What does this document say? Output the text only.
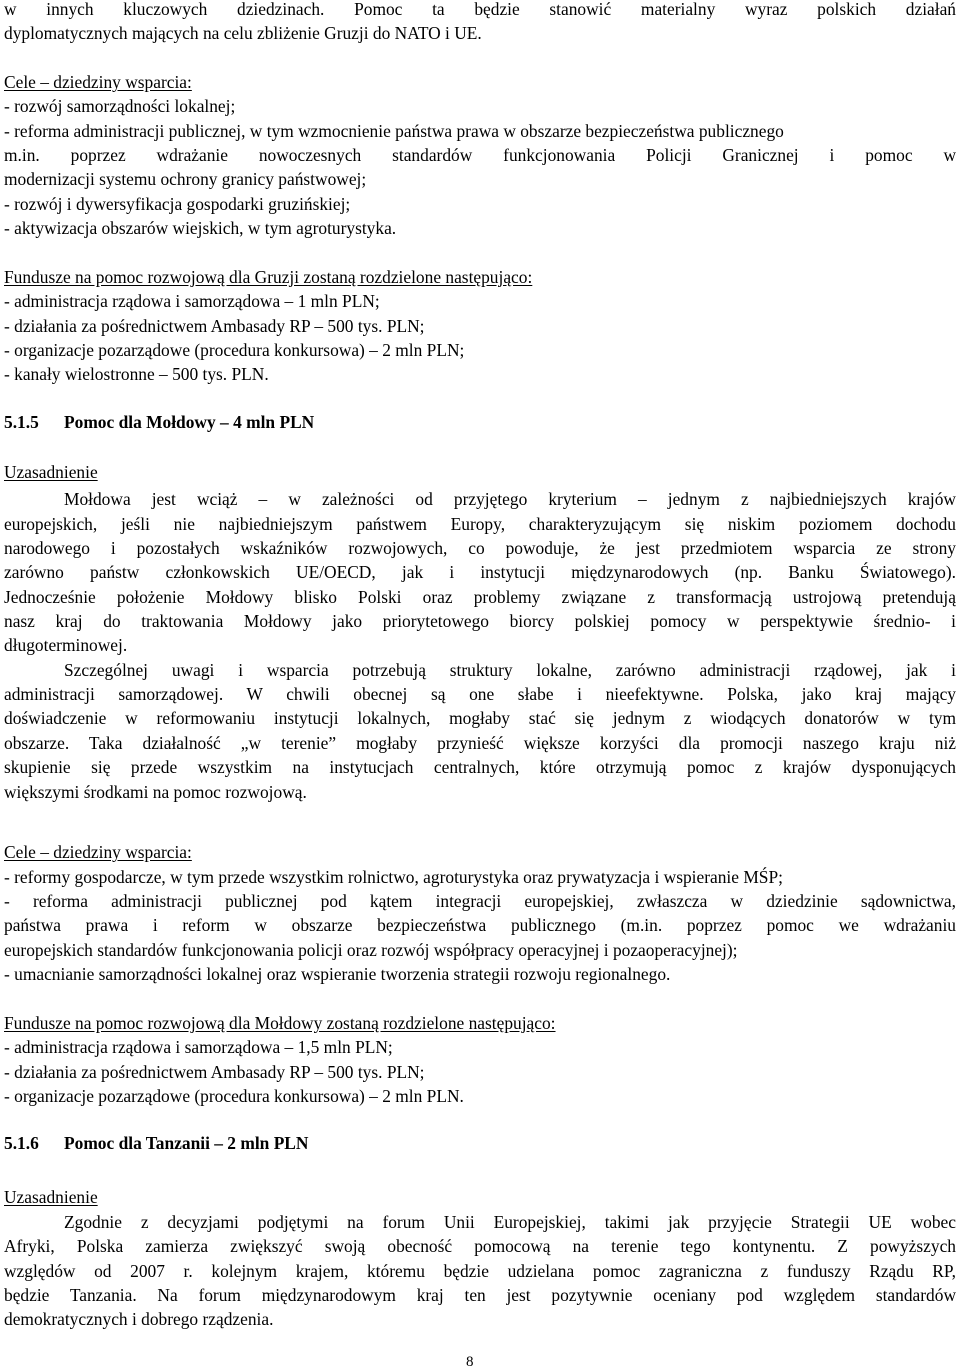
w innych kluczowych dziedzinach. Pomoc ta będzie stanowić materialny wyraz polskich działań
dyplomatycznych mających na celu zbliżenie Gruzji do NATO i UE.
Cele – dziedziny wsparcia:
- rozwój samorządności lokalnej;
- reforma administracji publicznej, w tym wzmocnienie państwa prawa w obszarze bezpieczeństwa publicznego
m.in. poprzez wdrażanie nowoczesnych standardów funkcjonowania Policji Granicznej i pomoc w
modernizacji systemu ochrony granicy państwowej;
- rozwój i dywersyfikacja gospodarki gruzińskiej;
- aktywizacja obszarów wiejskich, w tym agroturystyka.
Fundusze na pomoc rozwojową dla Gruzji zostaną rozdzielone następująco:
- administracja rządowa i samorządowa – 1 mln PLN;
- działania za pośrednictwem Ambasady RP – 500 tys. PLN;
- organizacje pozarządowe (procedura konkursowa) – 2 mln PLN;
- kanały wielostronne – 500 tys. PLN.
5.1.5 Pomoc dla Mołdowy – 4 mln PLN
Uzasadnienie
Mołdowa jest wciąż – w zależności od przyjętego kryterium – jednym z najbiedniejszych krajów
europejskich, jeśli nie najbiedniejszym państwem Europy, charakteryzującym się niskim poziomem dochodu
narodowego i pozostałych wskaźników rozwojowych, co powoduje, że jest przedmiotem wsparcia ze strony
zarówno państw członkowskich UE/OECD, jak i instytucji międzynarodowych (np. Banku Światowego).
Jednocześnie położenie Mołdowy blisko Polski oraz problemy związane z transformacją ustrojową pretendują
nasz kraj do traktowania Mołdowy jako priorytetowego biorcy polskiej pomocy w perspektywie średnio- i
długoterminowej.
Szczególnej uwagi i wsparcia potrzebują struktury lokalne, zarówno administracji rządowej, jak i
administracji samorządowej. W chwili obecnej są one słabe i nieefektywne. Polska, jako kraj mający
doświadczenie w reformowaniu instytucji lokalnych, mogłaby stać się jednym z wiodących donatorów w tym
obszarze. Taka działalność „w terenie” mogłaby przynieść większe korzyści dla promocji naszego kraju niż
skupienie się przede wszystkim na instytucjach centralnych, które otrzymują pomoc z krajów dysponujących
większymi środkami na pomoc rozwojową.
Cele – dziedziny wsparcia:
- reformy gospodarcze, w tym przede wszystkim rolnictwo, agroturystyka oraz prywatyzacja i wspieranie MŚP;
- reforma administracji publicznej pod kątem integracji europejskiej, zwłaszcza w dziedzinie sądownictwa,
państwa prawa i reform w obszarze bezpieczeństwa publicznego (m.in. poprzez pomoc we wdrażaniu
europejskich standardów funkcjonowania policji oraz rozwój współpracy operacyjnej i pozaoperacyjnej);
- umacnianie samorządności lokalnej oraz wspieranie tworzenia strategii rozwoju regionalnego.
Fundusze na pomoc rozwojową dla Mołdowy zostaną rozdzielone następująco:
- administracja rządowa i samorządowa – 1,5 mln PLN;
- działania za pośrednictwem Ambasady RP – 500 tys. PLN;
- organizacje pozarządowe (procedura konkursowa) – 2 mln PLN.
5.1.6 Pomoc dla Tanzanii – 2 mln PLN
Uzasadnienie
Zgodnie z decyzjami podjętymi na forum Unii Europejskiej, takimi jak przyjęcie Strategii UE wobec
Afryki, Polska zamierza zwiększyć swoją obecność pomocową na terenie tego kontynentu. Z powyższych
względów od 2007 r. kolejnym krajem, któremu będzie udzielana pomoc zagraniczna z funduszy Rządu RP,
będzie Tanzania. Na forum międzynarodowym kraj ten jest pozytywnie oceniany pod względem standardów
demokratycznych i dobrego rządzenia.
8
